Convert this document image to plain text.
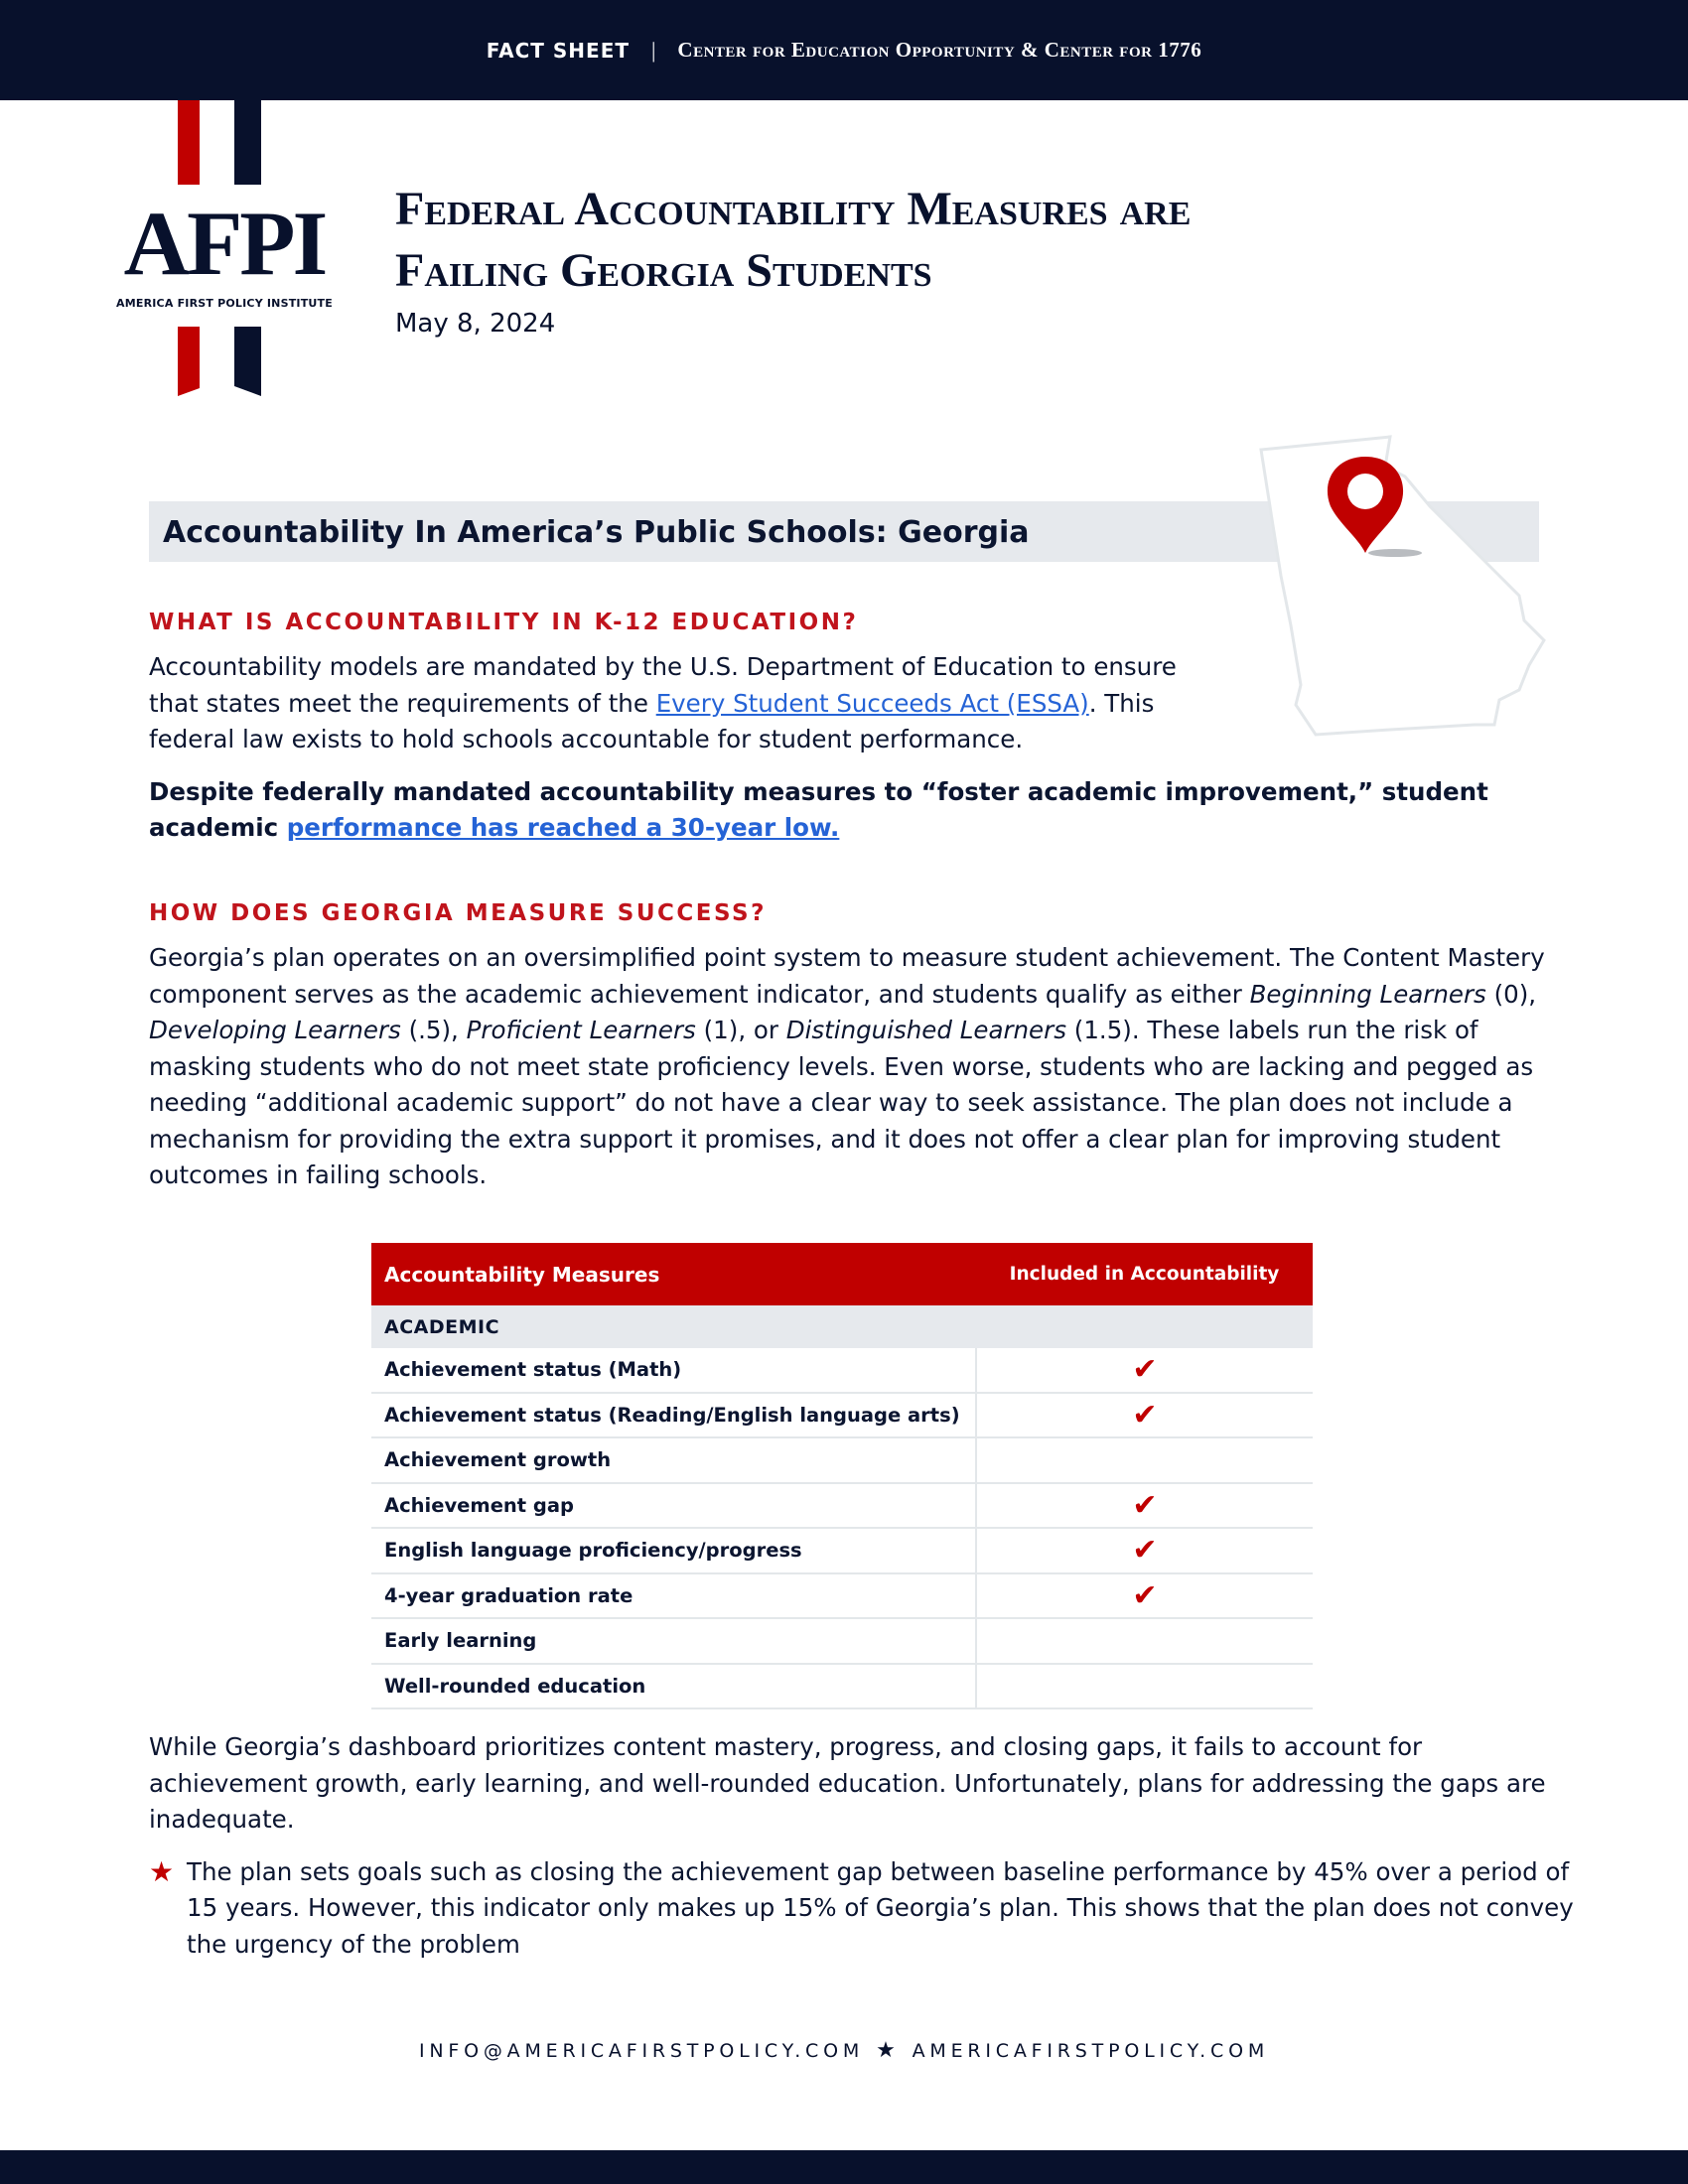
FACT SHEET | Center for Education Opportunity & Center for 1776
AFPI
AMERICA FIRST POLICY INSTITUTE
Federal Accountability Measures are
Failing Georgia Students
May 8, 2024
Accountability In America’s Public Schools: Georgia
WHAT IS ACCOUNTABILITY IN K-12 EDUCATION?
Accountability models are mandated by the U.S. Department of Education to ensure that states meet the requirements of the Every Student Succeeds Act (ESSA). This federal law exists to hold schools accountable for student performance.
Despite federally mandated accountability measures to “foster academic improvement,” student academic performance has reached a 30-year low.
HOW DOES GEORGIA MEASURE SUCCESS?
Georgia’s plan operates on an oversimplified point system to measure student achievement. The Content Mastery component serves as the academic achievement indicator, and students qualify as either Beginning Learners (0), Developing Learners (.5), Proficient Learners (1), or Distinguished Learners (1.5). These labels run the risk of masking students who do not meet state proficiency levels. Even worse, students who are lacking and pegged as needing “additional academic support” do not have a clear way to seek assistance. The plan does not include a mechanism for providing the extra support it promises, and it does not offer a clear plan for improving student outcomes in failing schools.
Accountability Measures	Included in Accountability
ACADEMIC	
Achievement status (Math)	✔
Achievement status (Reading/English language arts)	✔
Achievement growth	
Achievement gap	✔
English language proficiency/progress	✔
4-year graduation rate	✔
Early learning	
Well-rounded education	
While Georgia’s dashboard prioritizes content mastery, progress, and closing gaps, it fails to account for achievement growth, early learning, and well-rounded education. Unfortunately, plans for addressing the gaps are inadequate.
★ The plan sets goals such as closing the achievement gap between baseline performance by 45% over a period of 15 years. However, this indicator only makes up 15% of Georgia’s plan. This shows that the plan does not convey the urgency of the problem
INFO@AMERICAFIRSTPOLICY.COM ★ AMERICAFIRSTPOLICY.COM
